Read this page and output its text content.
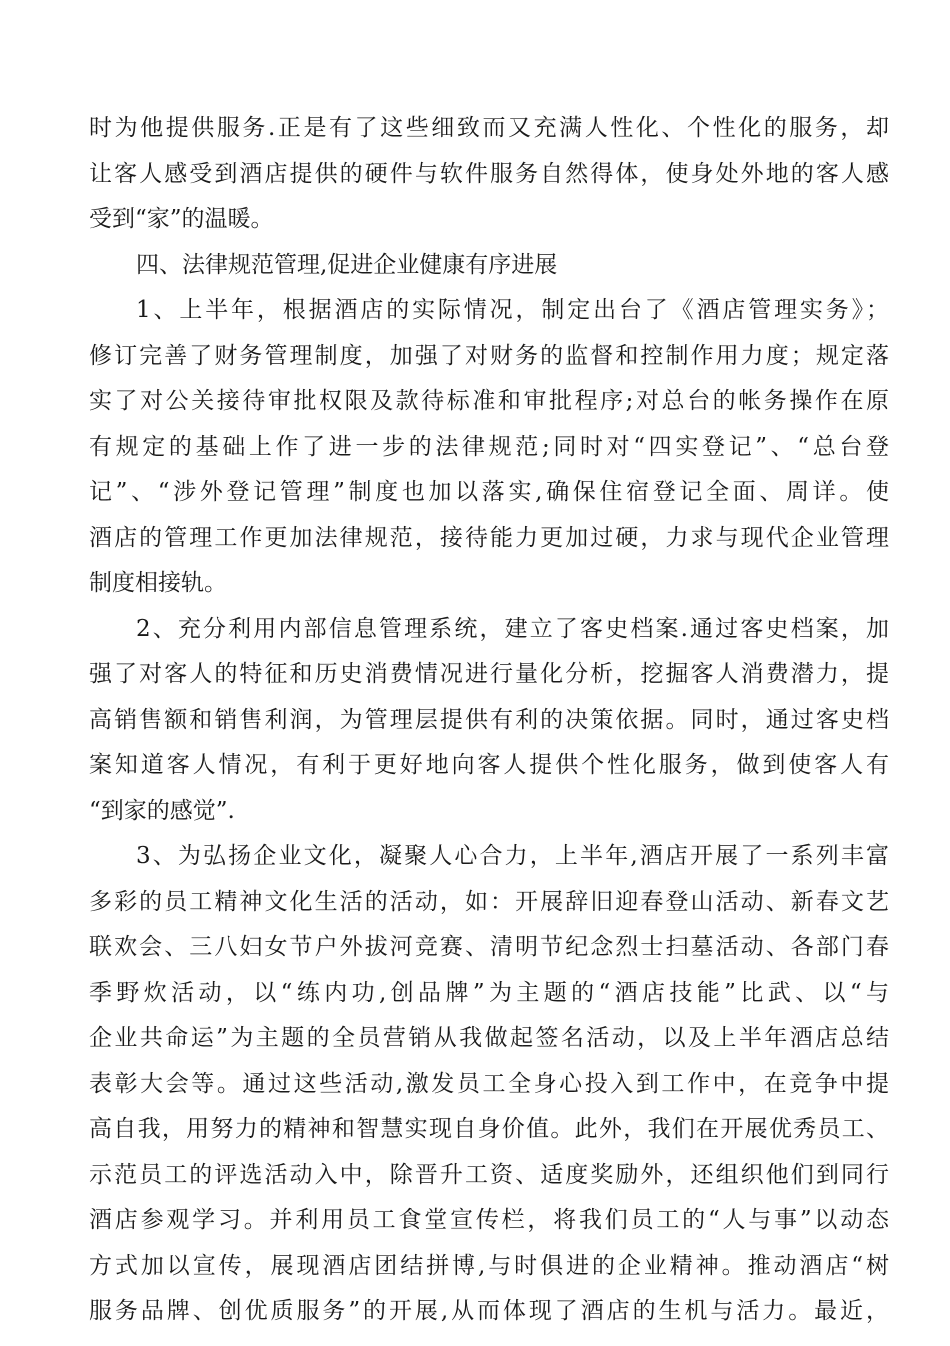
时为他提供服务.正是有了这些细致而又充满人性化、个性化的服务，却
让客人感受到酒店提供的硬件与软件服务自然得体，使身处外地的客人感
受到“家”的温暖。
四、法律规范管理,促进企业健康有序进展
1、上半年，根据酒店的实际情况，制定出台了《酒店管理实务》；
修订完善了财务管理制度，加强了对财务的监督和控制作用力度；规定落
实了对公关接待审批权限及款待标准和审批程序;对总台的帐务操作在原
有规定的基础上作了进一步的法律规范;同时对“四实登记”、“总台登
记”、“涉外登记管理”制度也加以落实,确保住宿登记全面、周详。使
酒店的管理工作更加法律规范，接待能力更加过硬，力求与现代企业管理
制度相接轨。
2、充分利用内部信息管理系统，建立了客史档案.通过客史档案，加
强了对客人的特征和历史消费情况进行量化分析，挖掘客人消费潜力，提
高销售额和销售利润，为管理层提供有利的决策依据。同时，通过客史档
案知道客人情况，有利于更好地向客人提供个性化服务，做到使客人有
“到家的感觉”.
3、为弘扬企业文化，凝聚人心合力，上半年,酒店开展了一系列丰富
多彩的员工精神文化生活的活动，如：开展辞旧迎春登山活动、新春文艺
联欢会、三八妇女节户外拔河竞赛、清明节纪念烈士扫墓活动、各部门春
季野炊活动，以“练内功,创品牌”为主题的“酒店技能”比武、以“与
企业共命运”为主题的全员营销从我做起签名活动，以及上半年酒店总结
表彰大会等。通过这些活动,激发员工全身心投入到工作中，在竞争中提
高自我，用努力的精神和智慧实现自身价值。此外，我们在开展优秀员工、
示范员工的评选活动入中，除晋升工资、适度奖励外，还组织他们到同行
酒店参观学习。并利用员工食堂宣传栏，将我们员工的“人与事”以动态
方式加以宣传，展现酒店团结拼博,与时俱进的企业精神。推动酒店“树
服务品牌、创优质服务”的开展,从而体现了酒店的生机与活力。最近，
